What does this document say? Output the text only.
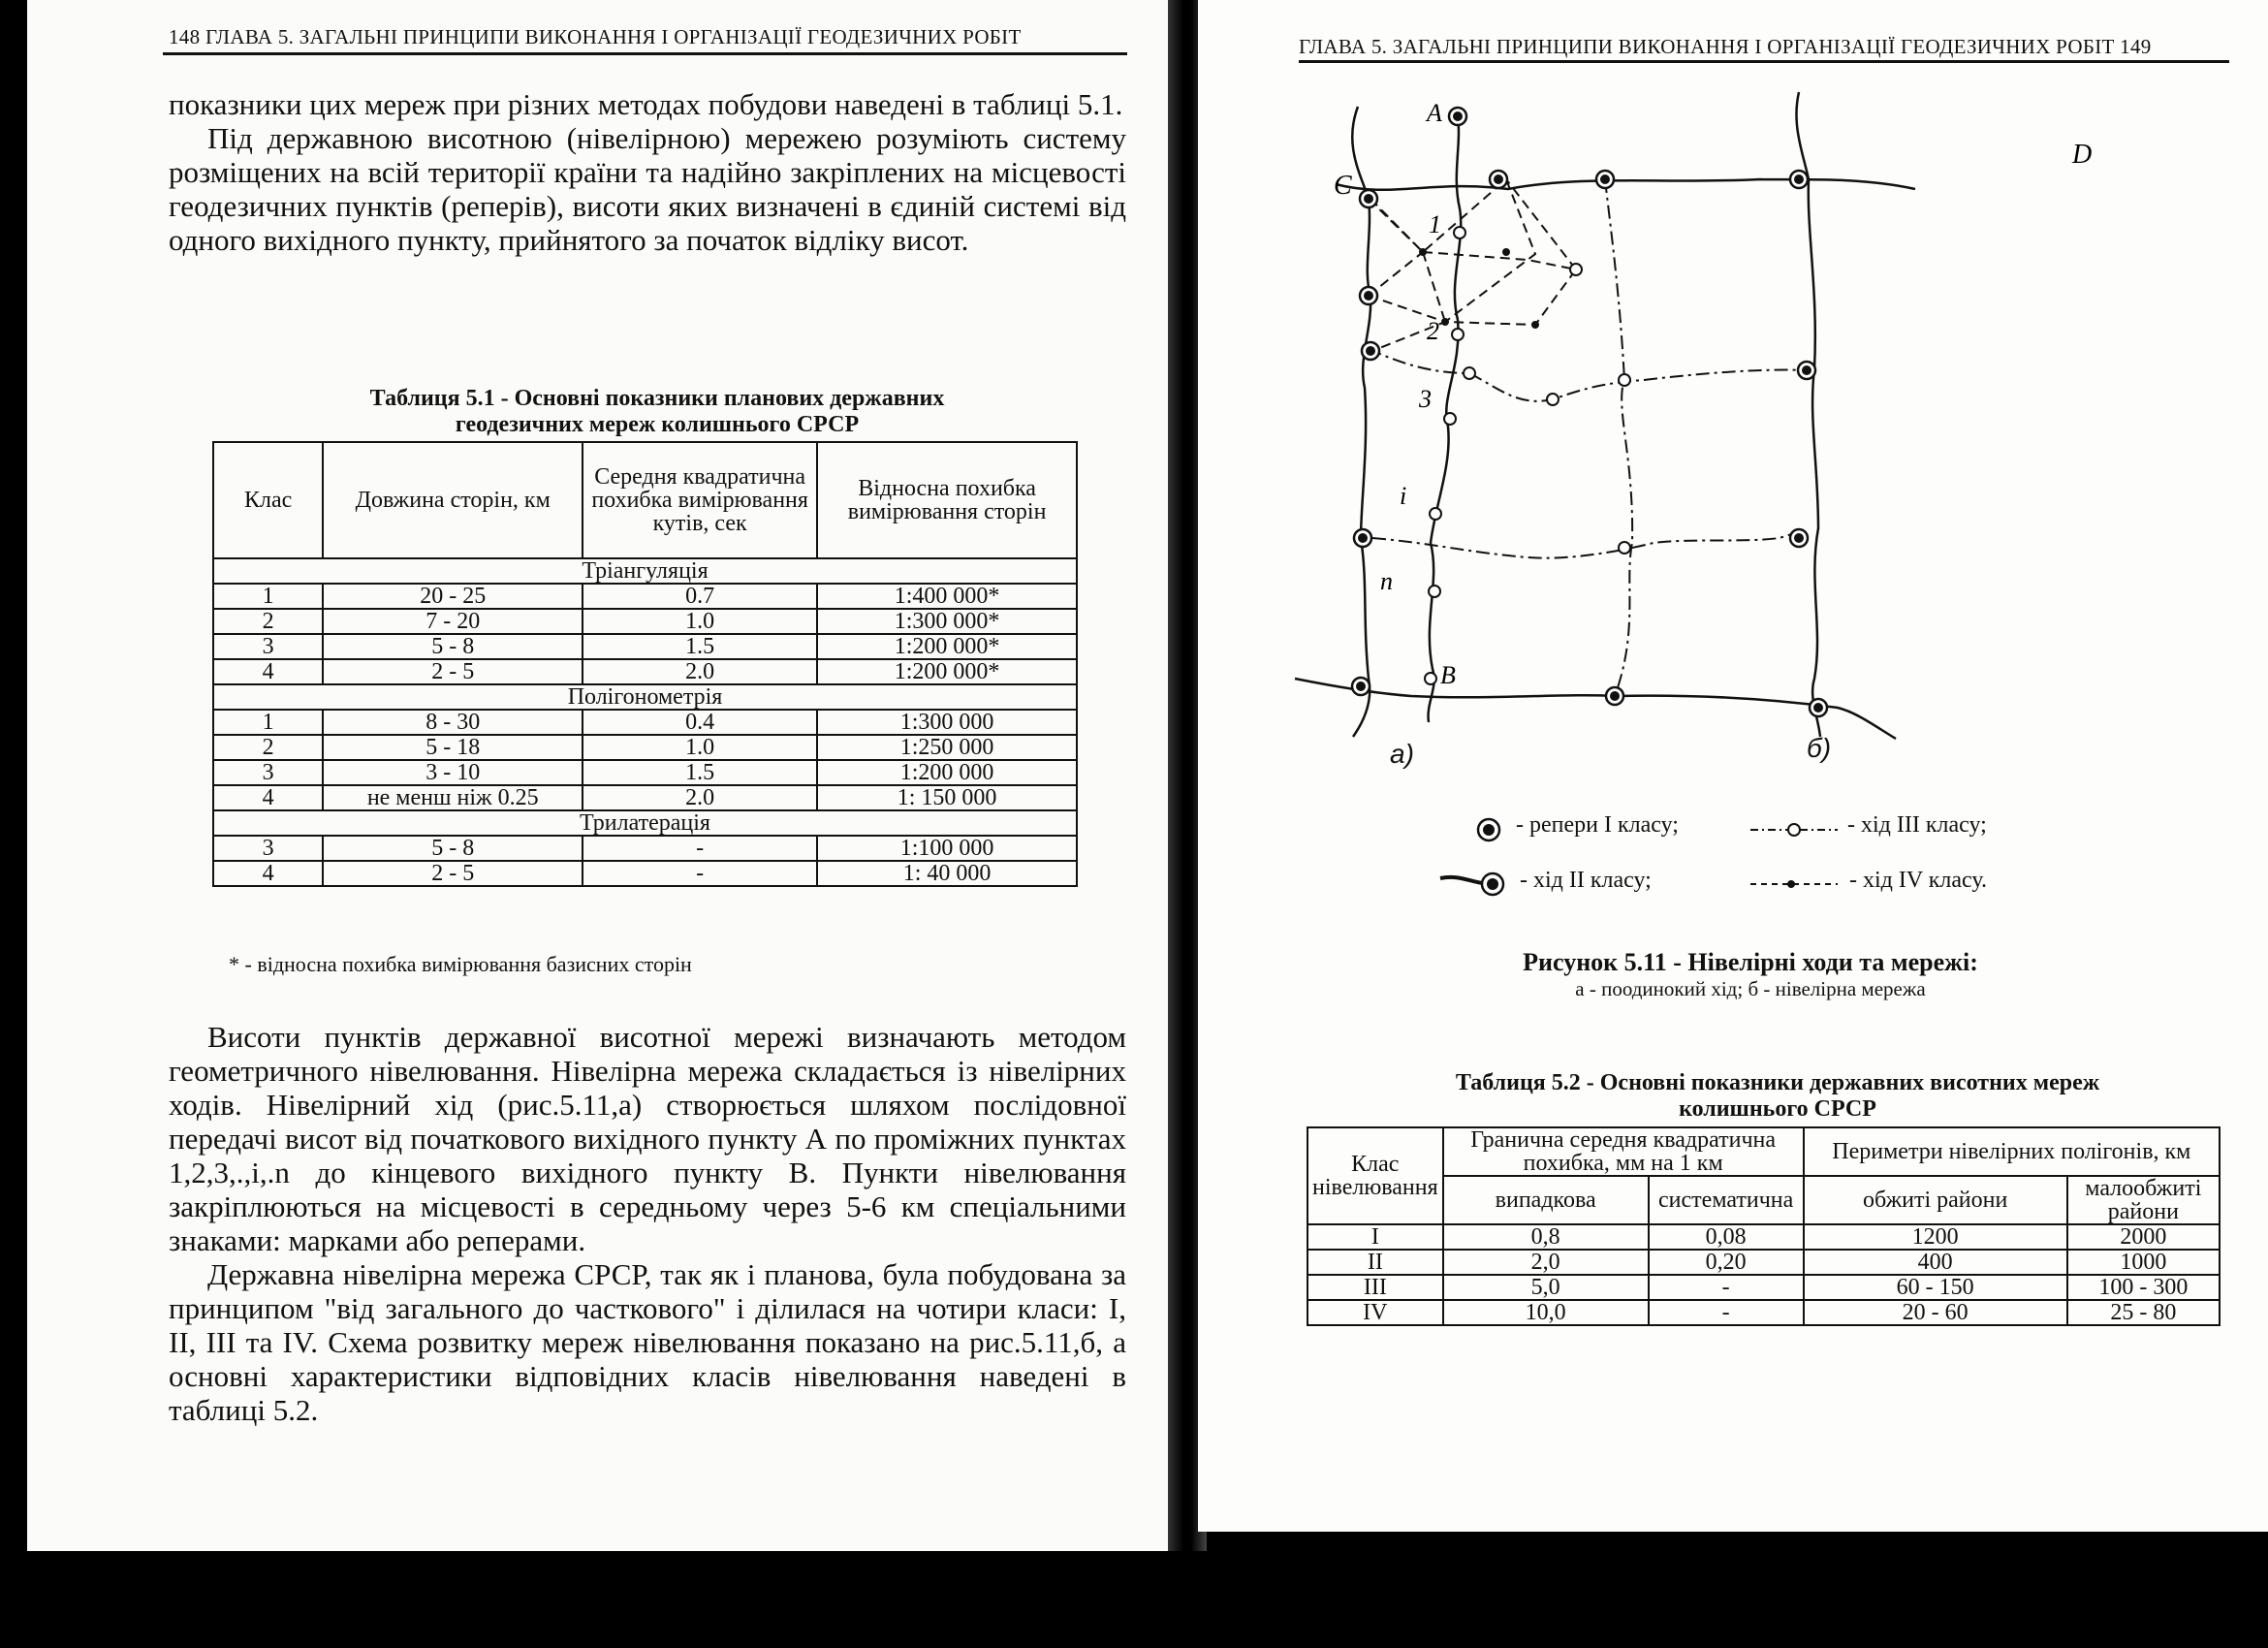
148 ГЛАВА 5. ЗАГАЛЬНІ ПРИНЦИПИ ВИКОНАННЯ І ОРГАНІЗАЦІЇ ГЕОДЕЗИЧНИХ РОБІТ

показники цих мереж при різних методах побудови наведені в таблиці 5.1.

Під державною висотною (нівелірною) мережею розуміють систему розміщених на всій території країни та надійно закріплених на місцевості геодезичних пунктів (реперів), висоти яких визначені в єдиній системі від одного вихідного пункту, прийнятого за початок відліку висот.

Таблиця 5.1 - Основні показники планових державних
геодезичних мереж колишнього СРСР
Клас	Довжина сторін, км	Середня квадратична похибка вимірювання кутів, сек	Відносна похибка вимірювання сторін
Тріангуляція			
1	20 - 25	0.7	1:400 000*
2	7 - 20	1.0	1:300 000*
3	5 - 8	1.5	1:200 000*
4	2 - 5	2.0	1:200 000*
Полігонометрія			
1	8 - 30	0.4	1:300 000
2	5 - 18	1.0	1:250 000
3	3 - 10	1.5	1:200 000
4	не менш ніж 0.25	2.0	1: 150 000
Трилатерація			
3	5 - 8	-	1:100 000
4	2 - 5	-	1: 40 000
* - відносна похибка вимірювання базисних сторін

Висоти пунктів державної висотної мережі визначають методом геометричного нівелювання. Нівелірна мережа складається із нівелірних ходів. Нівелірний хід (рис.5.11,а) створюється шляхом послідовної передачі висот від початкового вихідного пункту А по проміжних пунктах 1,2,3,.,i,.n до кінцевого вихідного пункту В. Пункти нівелювання закріплюються на місцевості в середньому через 5-6 км спеціальними знаками: марками або реперами.

Державна нівелірна мережа СРСР, так як і планова, була побудована за принципом "від загального до часткового" і ділилася на чотири класи: I, II, III та IV. Схема розвитку мереж нівелювання показано на рис.5.11,б, а основні характеристики відповідних класів нівелювання наведені в таблиці 5.2.

ГЛАВА 5. ЗАГАЛЬНІ ПРИНЦИПИ ВИКОНАННЯ І ОРГАНІЗАЦІЇ ГЕОДЕЗИЧНИХ РОБІТ 149
A
1
2
3
i
n
B
C
D
а)	б)
- репери I класу;	- хід III класу;
- хід II класу;	- хід IV класу.
Рисунок 5.11 - Нівелірні ходи та мережі:
а - поодинокий хід; б - нівелірна мережа
Таблиця 5.2 - Основні показники державних висотних мереж
колишнього СРСР
Клас нівелювання	Гранична середня квадратична похибка, мм на 1 км		Периметри нівелірних полігонів, км	
	випадкова	систематична	обжиті райони	малообжиті райони
I	0,8	0,08	1200	2000
II	2,0	0,20	400	1000
III	5,0	-	60 - 150	100 - 300
IV	10,0	-	20 - 60	25 - 80
